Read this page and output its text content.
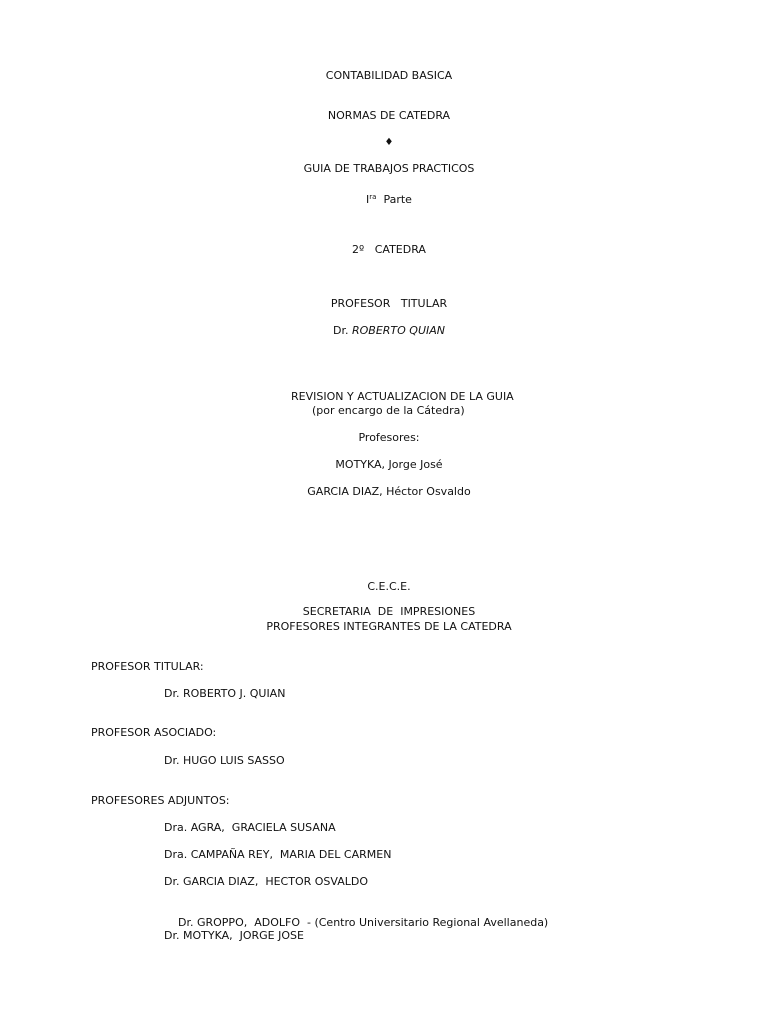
CONTABILIDAD BASICA
NORMAS DE CATEDRA
♦
GUIA DE TRABAJOS PRACTICOS
$I^{ra}$ Parte
2º CATEDRA
PROFESOR   TITULAR
Dr. ROBERTO QUIAN
REVISION Y ACTUALIZACION DE LA GUIA
(por encargo de la Cátedra)
Profesores:
MOTYKA, Jorge José
GARCIA DIAZ, Héctor Osvaldo
C.E.C.E.
SECRETARIA  DE  IMPRESIONES
PROFESORES INTEGRANTES DE LA CATEDRA
PROFESOR TITULAR:
Dr. ROBERTO J. QUIAN
PROFESOR ASOCIADO:
Dr. HUGO LUIS SASSO
PROFESORES ADJUNTOS:
Dra. AGRA,  GRACIELA SUSANA
Dra. CAMPAÑA REY,  MARIA DEL CARMEN
Dr. GARCIA DIAZ,  HECTOR OSVALDO

Dr. GROPPO,  ADOLFO  - (Centro Universitario Regional Avellaneda)

Dr. MOTYKA,  JORGE JOSE
